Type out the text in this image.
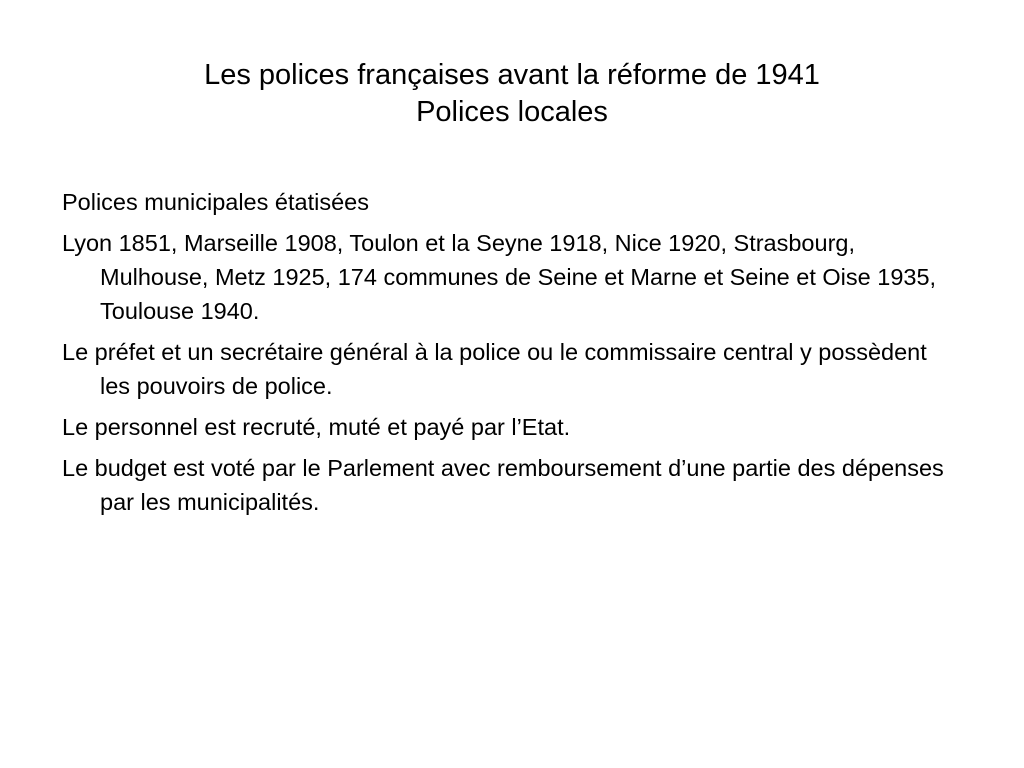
Les polices françaises avant la réforme de 1941
Polices locales
Polices municipales étatisées
Lyon 1851, Marseille 1908, Toulon et la Seyne 1918, Nice 1920, Strasbourg, Mulhouse, Metz 1925, 174 communes de Seine et Marne et Seine et Oise 1935, Toulouse 1940.
Le préfet et un secrétaire général à la police ou le commissaire central y possèdent les pouvoirs de police.
Le personnel est recruté, muté et payé par l’Etat.
Le budget est voté par le Parlement avec remboursement d’une partie des dépenses par les municipalités.
